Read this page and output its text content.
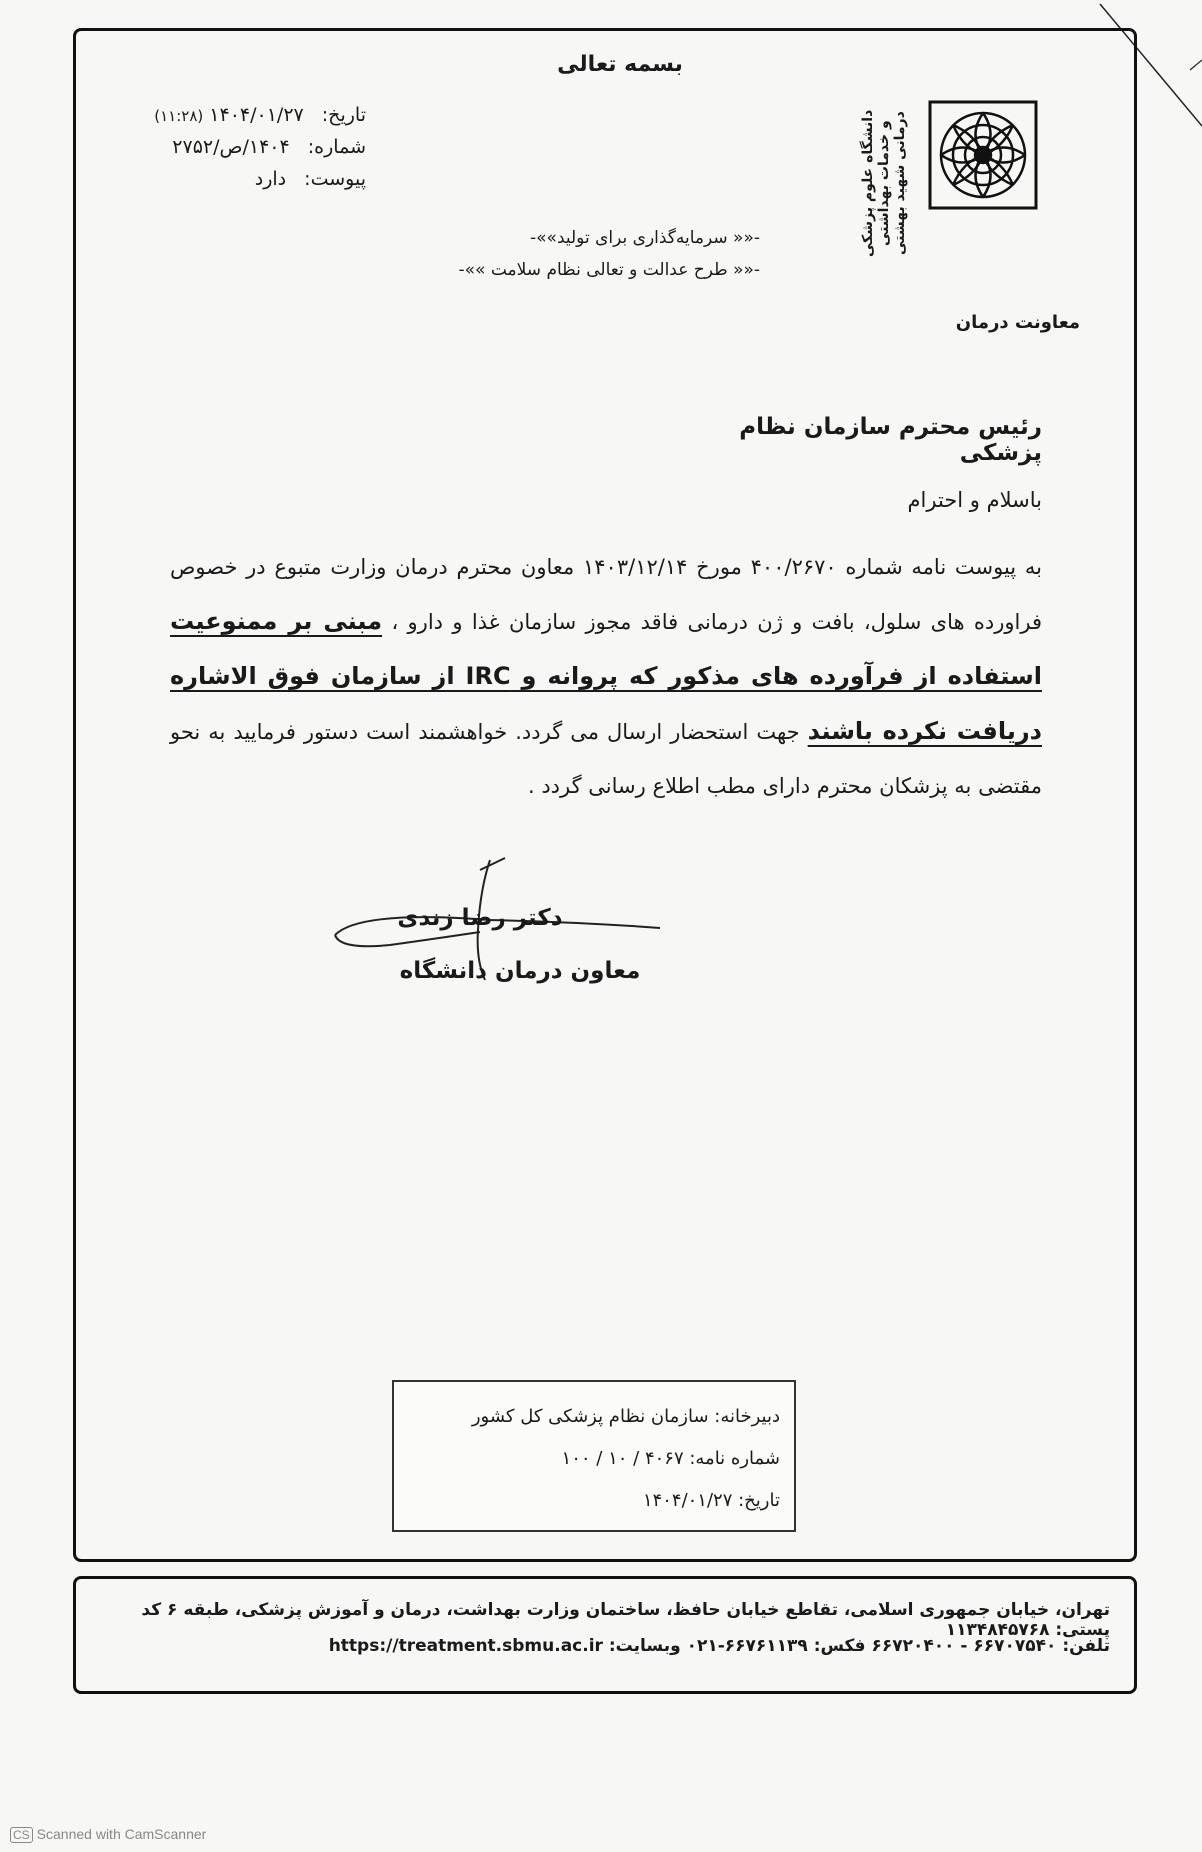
بسمه تعالی
تاریخ: ۱۴۰۴/۰۱/۲۷ (۱۱:۲۸)
شماره: ۱۴۰۴/ص/۲۷۵۲
پیوست: دارد
-«« سرمایه‌گذاری برای تولید»»-
-«« طرح عدالت و تعالی نظام سلامت »»-
دانشگاه علوم پزشکی و خدمات بهداشتی درمانی شهید بهشتی
معاونت درمان
رئیس محترم سازمان نظام پزشکی
باسلام و احترام
به پیوست نامه شماره ۴۰۰/۲۶۷۰ مورخ ۱۴۰۳/۱۲/۱۴ معاون محترم درمان وزارت متبوع در خصوص فراورده های سلول، بافت و ژن درمانی فاقد مجوز سازمان غذا و دارو ، مبنی بر ممنوعیت استفاده از فرآورده های مذکور که پروانه و IRC از سازمان فوق الاشاره دریافت نکرده باشند جهت استحضار ارسال می گردد. خواهشمند است دستور فرمایید به نحو مقتضی به پزشکان محترم دارای مطب اطلاع رسانی گردد .
دکتر رضا زندی
معاون درمان دانشگاه
دبیرخانه: سازمان نظام پزشکی کل کشور
شماره نامه: ۴۰۶۷ / ۱۰ / ۱۰۰
تاریخ: ۱۴۰۴/۰۱/۲۷
تهران، خیابان جمهوری اسلامی، تقاطع خیابان حافظ، ساختمان وزارت بهداشت، درمان و آموزش پزشکی، طبقه ۶ کد پستی: ۱۱۳۴۸۴۵۷۶۸
تلفن: ۶۶۷۰۷۵۴۰ - ۶۶۷۲۰۴۰۰ فکس: ۶۶۷۶۱۱۳۹-۰۲۱ وبسایت: https://treatment.sbmu.ac.ir
CS Scanned with CamScanner
